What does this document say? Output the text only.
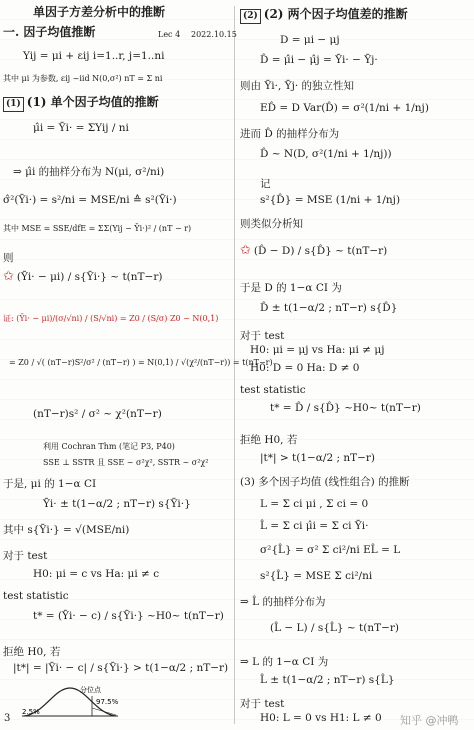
单因子方差分析中的推断
Lec 4 2022.10.15
一. 因子均值推断
Yij = μi + εij i=1..r, j=1..ni
其中 μi 为参数, εij ~iid N(0,σ²) nT = Σ ni
(1) (1) 单个因子均值的推断
μ̂i = Ȳi· = ΣYij / ni
⇒ μ̂i 的抽样分布为 N(μi, σ²/ni)
σ̂²(Ȳi·) = s²/ni = MSE/ni ≙ s²(Ȳi·)
其中 MSE = SSE/dfE = ΣΣ(Yij − Ȳi·)² / (nT − r)
则
✩ (Ȳi· − μi) / s{Ȳi·} ~ t(nT−r)
证: (Ȳi· − μi)/(σ/√ni) / (S/√ni) = Z0 / (S/σ) Z0 ~ N(0,1)
= Z0 / √( (nT−r)S²/σ² / (nT−r) ) = N(0,1) / √(χ²/(nT−r)) = t(nT−r)
(nT−r)s² / σ² ~ χ²(nT−r)
利用 Cochran Thm (笔记 P3, P40)
SSE ⊥ SSTR 且 SSE ~ σ²χ², SSTR ~ σ²χ²
于是, μi 的 1−α CI
Ȳi· ± t(1−α/2 ; nT−r) s{Ȳi·}
其中 s{Ȳi·} = √(MSE/ni)
对于 test
H0: μi = c vs Ha: μi ≠ c
test statistic
t* = (Ȳi· − c) / s{Ȳi·} ~H0~ t(nT−r)
拒绝 H0, 若
|t*| = |Ȳi· − c| / s{Ȳi·} > t(1−α/2 ; nT−r)
分位点
2.5%
97.5%
3
(2) (2) 两个因子均值差的推断
D = μi − μj
D̂ = μ̂i − μ̂j = Ȳi· − Ȳj·
则由 Ȳi·, Ȳj· 的独立性知
ED̂ = D Var(D̂) = σ²(1/ni + 1/nj)
进而 D̂ 的抽样分布为
D̂ ~ N(D, σ²(1/ni + 1/nj))
记
s²{D̂} = MSE (1/ni + 1/nj)
则类似分析知
✩ (D̂ − D) / s{D̂} ~ t(nT−r)
于是 D 的 1−α CI 为
D̂ ± t(1−α/2 ; nT−r) s{D̂}
对于 test
H0: μi = μj vs Ha: μi ≠ μj
H0: D = 0 Ha: D ≠ 0
test statistic
t* = D̂ / s{D̂} ~H0~ t(nT−r)
拒绝 H0, 若
|t*| > t(1−α/2 ; nT−r)
(3) 多个因子均值 (线性组合) 的推断
L = Σ ci μi , Σ ci = 0
L̂ = Σ ci μ̂i = Σ ci Ȳi·
σ²{L̂} = σ² Σ ci²/ni EL̂ = L
s²{L̂} = MSE Σ ci²/ni
⇒ L̂ 的抽样分布为
(L̂ − L) / s{L̂} ~ t(nT−r)
⇒ L 的 1−α CI 为
L̂ ± t(1−α/2 ; nT−r) s{L̂}
对于 test
H0: L = 0 vs H1: L ≠ 0 知乎 @冲鸭
